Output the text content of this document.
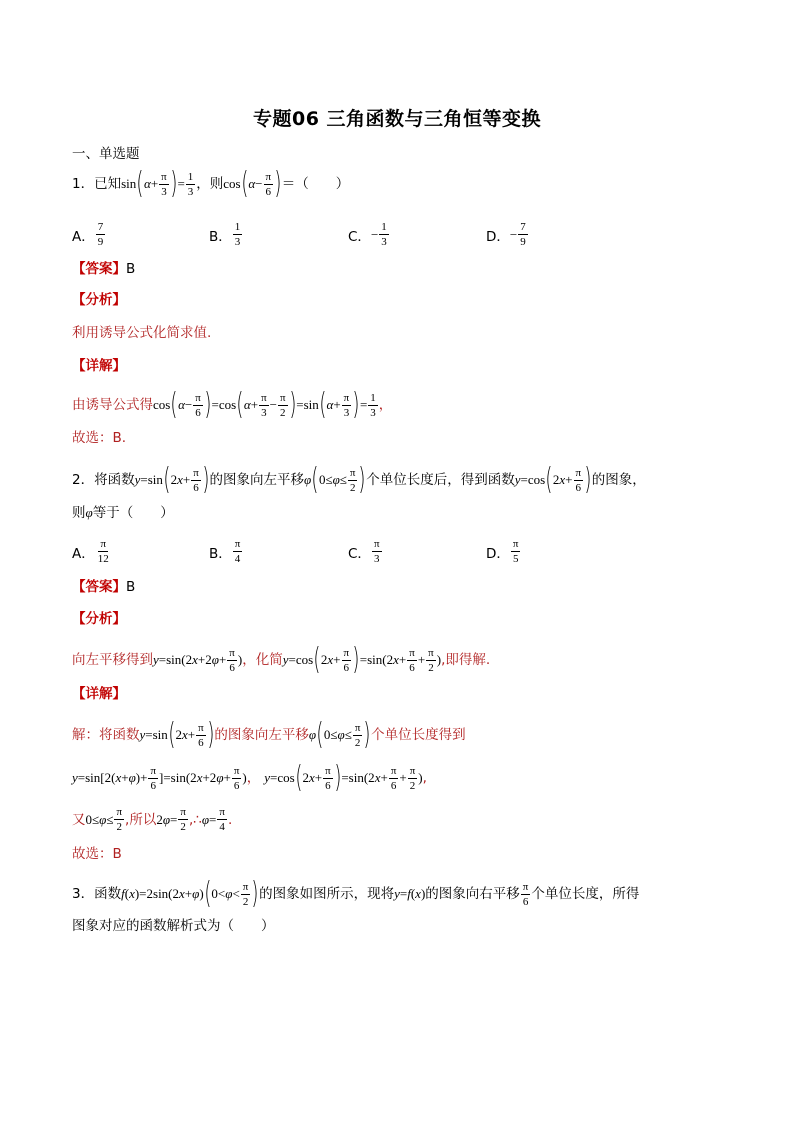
专题06 三角函数与三角恒等变换
一、单选题
1． 已知 sin ( $\alpha + \frac{\pi}{3}$ ) = $\frac{1}{3}$ ，则 cos ( $\alpha - \frac{\pi}{6}$ ) ＝（　　）
A． $\frac{7}{9}$	B． $\frac{1}{3}$	C． − $\frac{1}{3}$	D． − $\frac{7}{9}$
【答案】 B
【分析】
利用诱导公式化简求值.
【详解】
由诱导公式得 cos ( $\alpha - \frac{\pi}{6}$ ) =cos ( $\alpha + \frac{\pi}{3} - \frac{\pi}{2}$ ) =sin ( $\alpha + \frac{\pi}{3}$ ) = $\frac{1}{3}$ ，
故选：B.
2． 将函数 y =sin ( 2 $x + \frac{\pi}{6}$ ) 的图象向左平移 φ ( $0\le \varphi \le \frac{\pi}{2}$ ) 个单位长度后，得到函数 y =cos ( 2 $x + \frac{\pi}{6}$ ) 的图象，
则 φ 等于（　　）
A． $\frac{\pi}{12}$	B． $\frac{\pi}{4}$	C． $\frac{\pi}{3}$	D． $\frac{\pi}{5}$
【答案】 B
【分析】
向左平移得到 y =sin(2 x +2 $\varphi + \frac{\pi}{6}$ ) ，化简 y =cos ( 2 $x + \frac{\pi}{6}$ ) =sin(2 $x + \frac{\pi}{6} + \frac{\pi}{2}$ ) ,即得解.
【详解】
解：将函数 y =sin ( 2 $x + \frac{\pi}{6}$ ) 的图象向左平移 φ ( $0\le \varphi \le \frac{\pi}{2}$ ) 个单位长度得到
y =sin[2( x + φ )+ $\frac{\pi}{6} ]=\sin(2$ x +2 $\varphi + \frac{\pi}{6}$ ) ， y =cos ( 2 $x + \frac{\pi}{6}$ ) =sin(2 $x + \frac{\pi}{6} + \frac{\pi}{2}$ ) ,
又 $0\le \varphi \le \frac{\pi}{2}$ ,所以 2 $\varphi = \frac{\pi}{2}$ ,∴ $\varphi = \frac{\pi}{4}$ .
故选：B
3． 函数 f ( x )=2sin(2 x + φ ) ( $0< \varphi < \frac{\pi}{2}$ ) 的图象如图所示，现将 y = f ( x ) 的图象向右平移 $\frac{\pi}{6}$ 个单位长度，所得
图象对应的函数解析式为（　　）
